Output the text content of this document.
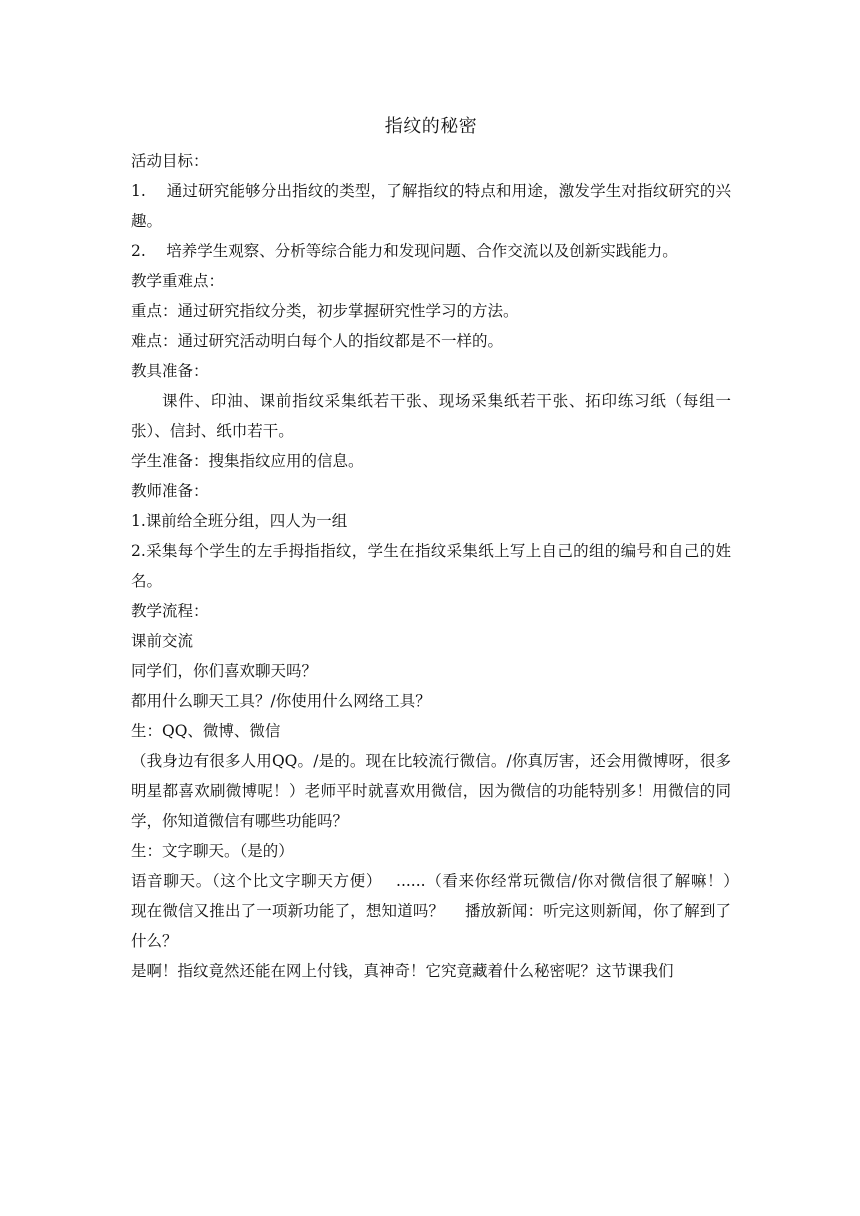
指纹的秘密

活动目标：

1.　 通过研究能够分出指纹的类型，了解指纹的特点和用途，激发学生对指纹研究的兴趣。

2.　 培养学生观察、分析等综合能力和发现问题、合作交流以及创新实践能力。

教学重难点：

重点：通过研究指纹分类，初步掌握研究性学习的方法。

难点：通过研究活动明白每个人的指纹都是不一样的。

教具准备：

课件、印油、课前指纹采集纸若干张、现场采集纸若干张、拓印练习纸（每组一张）、信封、纸巾若干。

学生准备：搜集指纹应用的信息。

教师准备：

1.课前给全班分组，四人为一组

2.采集每个学生的左手拇指指纹，学生在指纹采集纸上写上自己的组的编号和自己的姓名。

教学流程：

课前交流

同学们，你们喜欢聊天吗？

都用什么聊天工具？/你使用什么网络工具？

生：QQ、微博、微信

（我身边有很多人用QQ。/是的。现在比较流行微信。/你真厉害，还会用微博呀，很多明星都喜欢刷微博呢！）老师平时就喜欢用微信，因为微信的功能特别多！用微信的同学，你知道微信有哪些功能吗？

生：文字聊天。（是的）

语音聊天。（这个比文字聊天方便）　 ......（看来你经常玩微信/你对微信很了解嘛！）　 现在微信又推出了一项新功能了，想知道吗？　 播放新闻：听完这则新闻，你了解到了什么？

是啊！指纹竟然还能在网上付钱，真神奇！它究竟藏着什么秘密呢？这节课我们
